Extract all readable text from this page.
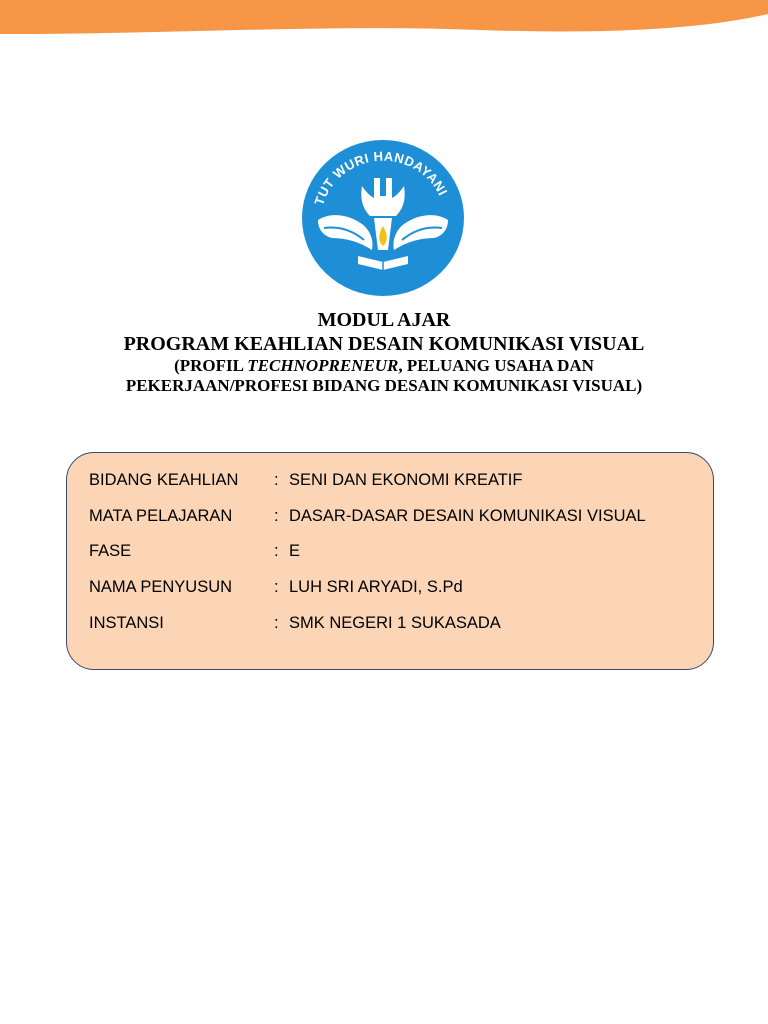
TUT WURI HANDAYANI
MODUL AJAR
PROGRAM KEAHLIAN DESAIN KOMUNIKASI VISUAL
(PROFIL TECHNOPRENEUR, PELUANG USAHA DAN
PEKERJAAN/PROFESI BIDANG DESAIN KOMUNIKASI VISUAL)
BIDANG KEAHLIAN : SENI DAN EKONOMI KREATIF
MATA PELAJARAN	: DASAR-DASAR DESAIN KOMUNIKASI VISUAL
FASE	: E
NAMA PENYUSUN	: LUH SRI ARYADI, S.Pd
INSTANSI	: SMK NEGERI 1 SUKASADA
